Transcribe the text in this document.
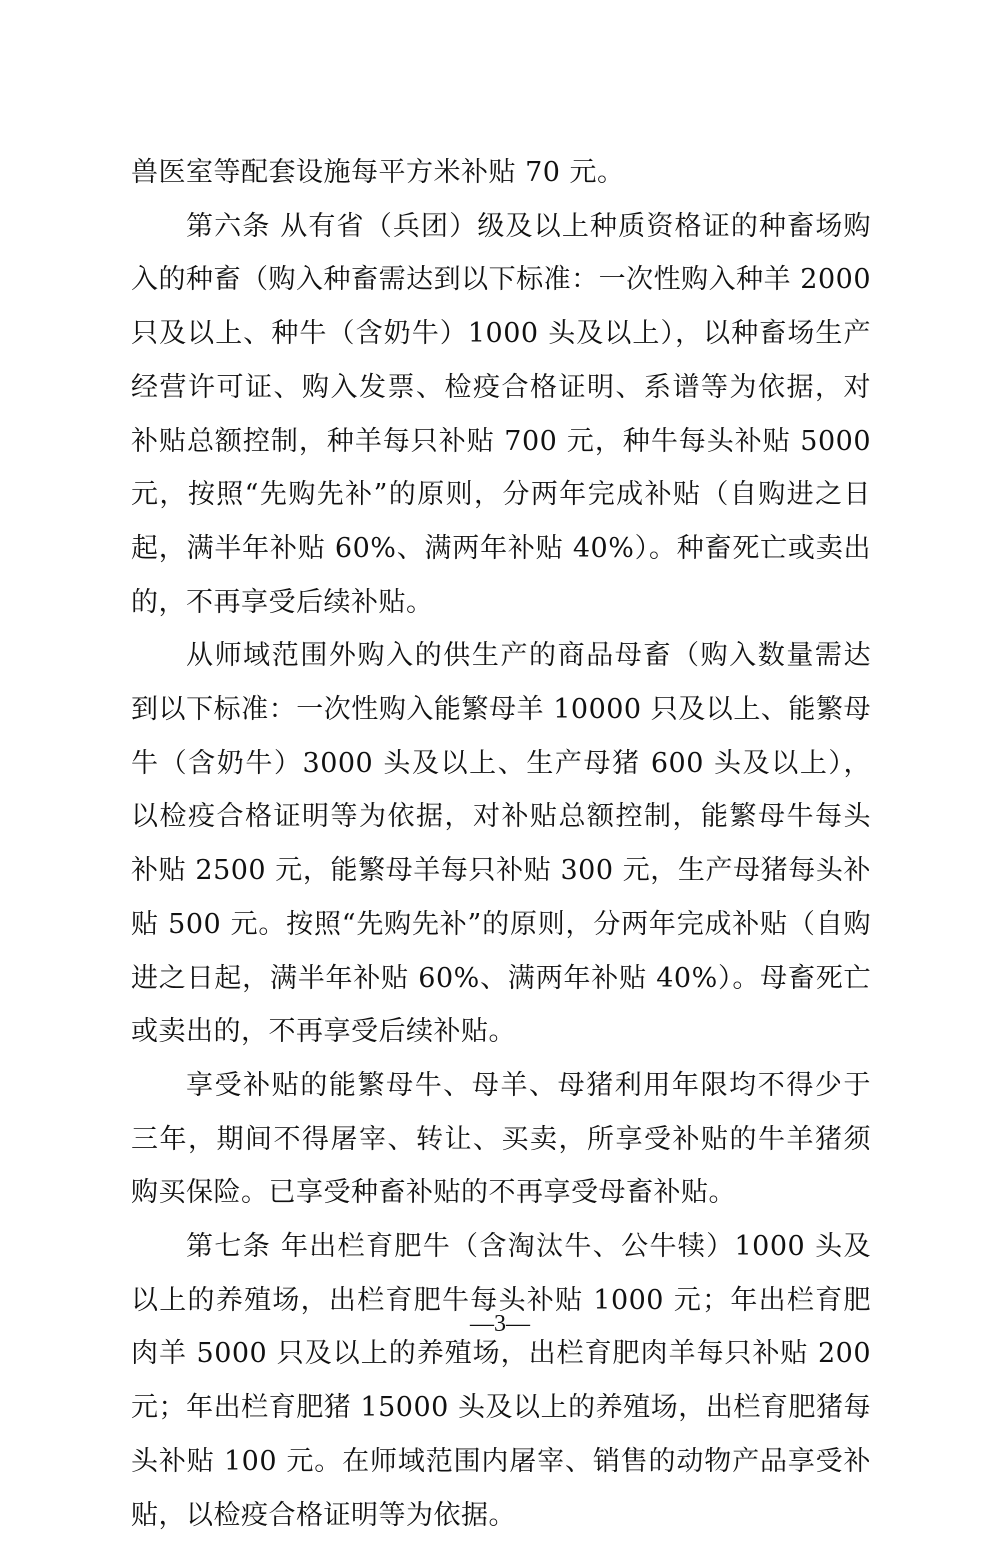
兽医室等配套设施每平方米补贴 70 元。

第六条 从有省（兵团）级及以上种质资格证的种畜场购入的种畜（购入种畜需达到以下标准：一次性购入种羊 2000 只及以上、种牛（含奶牛）1000 头及以上），以种畜场生产经营许可证、购入发票、检疫合格证明、系谱等为依据，对补贴总额控制，种羊每只补贴 700 元，种牛每头补贴 5000 元，按照“先购先补”的原则，分两年完成补贴（自购进之日起，满半年补贴 60%、满两年补贴 40%）。种畜死亡或卖出的，不再享受后续补贴。

从师域范围外购入的供生产的商品母畜（购入数量需达到以下标准：一次性购入能繁母羊 10000 只及以上、能繁母牛（含奶牛）3000 头及以上、生产母猪 600 头及以上），以检疫合格证明等为依据，对补贴总额控制，能繁母牛每头补贴 2500 元，能繁母羊每只补贴 300 元，生产母猪每头补贴 500 元。按照“先购先补”的原则，分两年完成补贴（自购进之日起，满半年补贴 60%、满两年补贴 40%）。母畜死亡或卖出的，不再享受后续补贴。

享受补贴的能繁母牛、母羊、母猪利用年限均不得少于三年，期间不得屠宰、转让、买卖，所享受补贴的牛羊猪须购买保险。已享受种畜补贴的不再享受母畜补贴。

第七条 年出栏育肥牛（含淘汰牛、公牛犊）1000 头及以上的养殖场，出栏育肥牛每头补贴 1000 元；年出栏育肥肉羊 5000 只及以上的养殖场，出栏育肥肉羊每只补贴 200 元；年出栏育肥猪 15000 头及以上的养殖场，出栏育肥猪每头补贴 100 元。在师域范围内屠宰、销售的动物产品享受补贴，以检疫合格证明等为依据。

—3—
